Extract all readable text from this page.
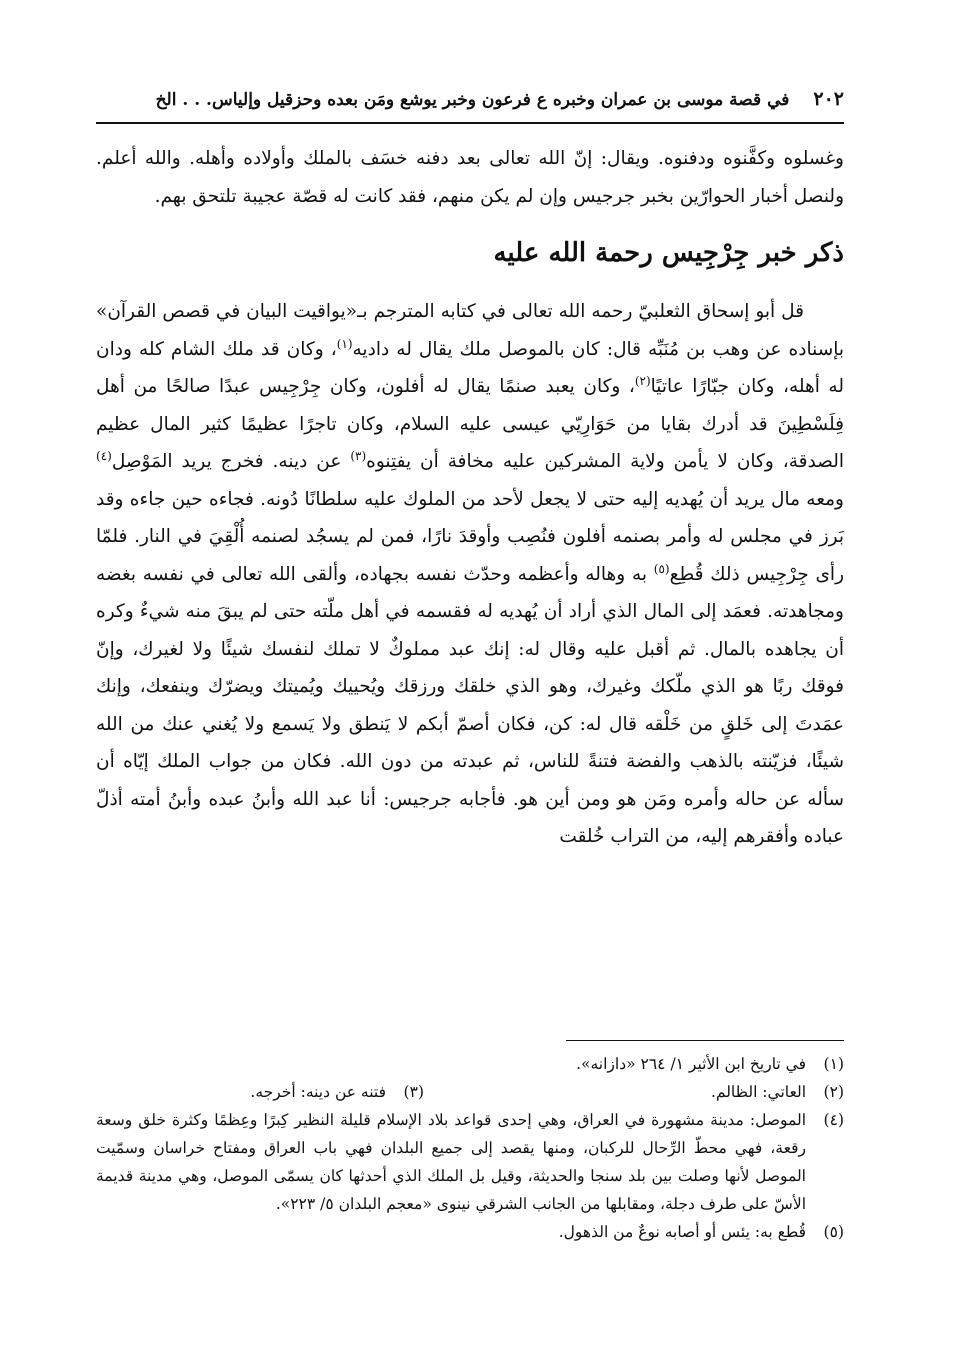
٢٠٢
في قصة موسى بن عمران وخبره ع فرعون وخبر يوشع ومَن بعده وحزقيل وإلياس. . . الخ

وغسلوه وكفَّنوه ودفنوه. ويقال: إنّ الله تعالى بعد دفنه خسَف بالملك وأولاده وأهله. والله أعلم. ولنصل أخبار الحوارّين بخبر جرجيس وإن لم يكن منهم، فقد كانت له قصّة عجيبة تلتحق بهم.

ذكر خبر جِرْجِيس رحمة الله عليه

قل أبو إسحاق الثعلبيّ رحمه الله تعالى في كتابه المترجم بـ«يواقيت البيان في قصص القرآن» بإسناده عن وهب بن مُنَبِّه قال: كان بالموصل ملك يقال له داديه$^{(١)}$، وكان قد ملك الشام كله ودان له أهله، وكان جبّارًا عاتيًا$^{(٢)}$، وكان يعبد صنمًا يقال له أفلون، وكان جِرْجِيس عبدًا صالحًا من أهل فِلَسْطِينَ قد أدرك بقايا من حَوَارِيّي عيسى عليه السلام، وكان تاجرًا عظيمًا كثير المال عظيم الصدقة، وكان لا يأمن ولاية المشركين عليه مخافة أن يفتِنوه$^{(٣)}$ عن دينه. فخرج يريد المَوْصِل$^{(٤)}$ ومعه مال يريد أن يُهديه إليه حتى لا يجعل لأحد من الملوك عليه سلطانًا دُونه. فجاءه حين جاءه وقد بَرز في مجلس له وأمر بصنمه أفلون فنُصِب وأوقدَ نارًا، فمن لم يسجُد لصنمه أُلْقِيَ في النار. فلمّا رأى جِرْجِيس ذلك قُطِع$^{(٥)}$ به وهاله وأعظمه وحدّث نفسه بجهاده، وألقى الله تعالى في نفسه بغضه ومجاهدته. فعمَد إلى المال الذي أراد أن يُهديه له فقسمه في أهل ملّته حتى لم يبقَ منه شيءٌ وكره أن يجاهده بالمال. ثم أقبل عليه وقال له: إنك عبد مملوكٌ لا تملك لنفسك شيئًا ولا لغيرك، وإنّ فوقك ربًا هو الذي ملّكك وغيرك، وهو الذي خلقك ورزقك ويُحييك ويُميتك ويضرّك وينفعك، وإنك عمَدتَ إلى خَلقٍ من خَلْقه قال له: كن، فكان أصمّ أبكم لا يَنطق ولا يَسمع ولا يُغني عنك من الله شيئًا، فزيّنته بالذهب والفضة فتنةً للناس، ثم عبدته من دون الله. فكان من جواب الملك إيّاه أن سأله عن حاله وأمره ومَن هو ومن أين هو. فأجابه جرجيس: أنا عبد الله وأبنُ عبده وأبنُ أمته أذلّ عباده وأفقرهم إليه، من التراب خُلقت

(١)
في تاريخ ابن الأثير ١/ ٢٦٤ «دازانه».
(٢)
العاتي: الظالم.
(٣)
فتنه عن دينه: أخرجه.
(٤)
الموصل: مدينة مشهورة في العراق، وهي إحدى قواعد بلاد الإسلام قليلة النظير كِبرًا وعِظمًا وكثرة خلق وسعة رقعة، فهي محطّ الرِّحال للركبان، ومنها يقصد إلى جميع البلدان فهي باب العراق ومفتاح خراسان وسمّيت الموصل لأنها وصلت بين بلد سنجا والحديثة، وقيل بل الملك الذي أحدثها كان يسمّى الموصل، وهي مدينة قديمة الأسّ على طرف دجلة، ومقابلها من الجانب الشرقي نينوى «معجم البلدان ٥/ ٢٢٣».
(٥)
قُطع به: يئس أو أصابه نوعٌ من الذهول.
